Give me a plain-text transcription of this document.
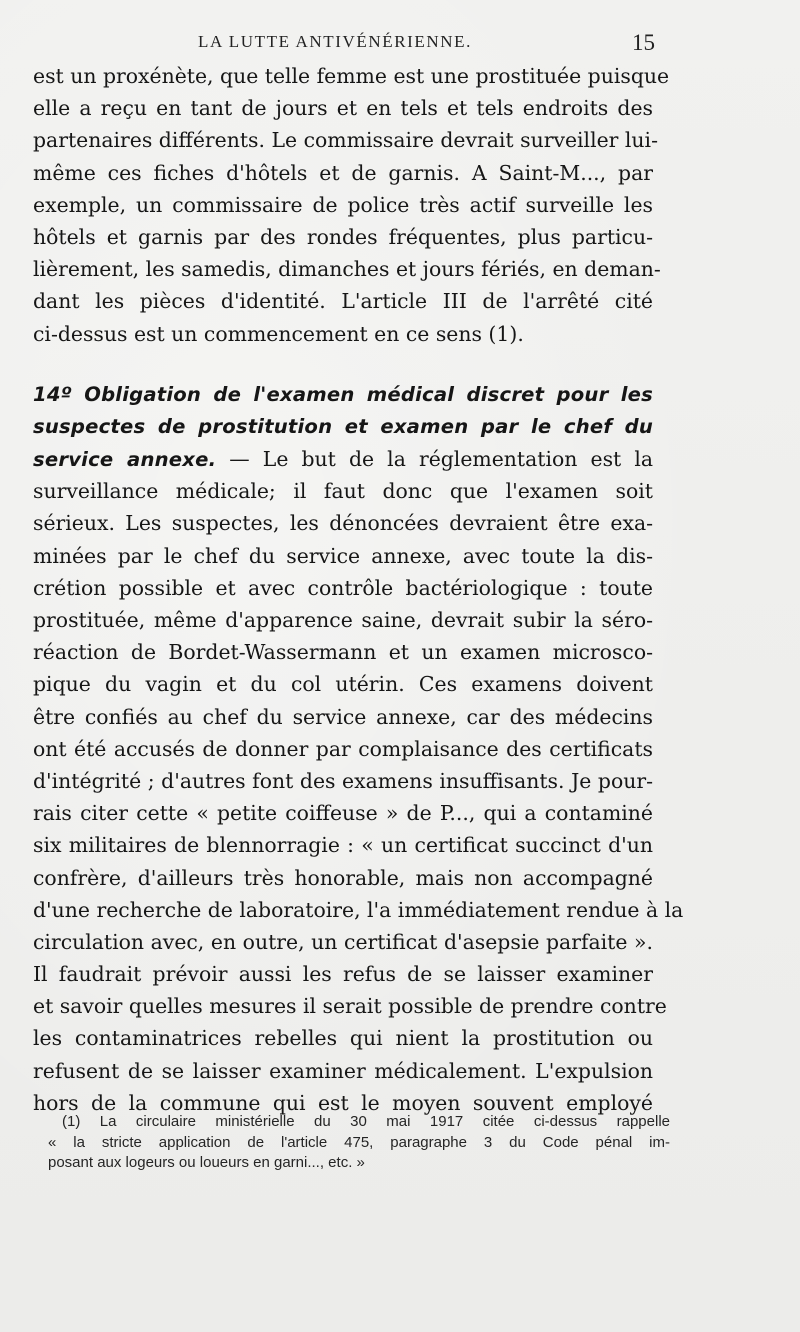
LA LUTTE ANTIVÉNÉRIENNE.	15
est un proxénète, que telle femme est une prostituée puisque
elle a reçu en tant de jours et en tels et tels endroits des
partenaires différents. Le commissaire devrait surveiller lui-
même ces fiches d'hôtels et de garnis. A Saint-M..., par
exemple, un commissaire de police très actif surveille les
hôtels et garnis par des rondes fréquentes, plus particu-
lièrement, les samedis, dimanches et jours fériés, en deman-
dant les pièces d'identité. L'article III de l'arrêté cité
ci-dessus est un commencement en ce sens (1).
14º Obligation de l'examen médical discret pour les
suspectes de prostitution et examen par le chef du
service annexe. — Le but de la réglementation est la
surveillance médicale; il faut donc que l'examen soit
sérieux. Les suspectes, les dénoncées devraient être exa-
minées par le chef du service annexe, avec toute la dis-
crétion possible et avec contrôle bactériologique : toute
prostituée, même d'apparence saine, devrait subir la séro-
réaction de Bordet-Wassermann et un examen microsco-
pique du vagin et du col utérin. Ces examens doivent
être confiés au chef du service annexe, car des médecins
ont été accusés de donner par complaisance des certificats
d'intégrité ; d'autres font des examens insuffisants. Je pour-
rais citer cette « petite coiffeuse » de P..., qui a contaminé
six militaires de blennorragie : « un certificat succinct d'un
confrère, d'ailleurs très honorable, mais non accompagné
d'une recherche de laboratoire, l'a immédiatement rendue à la
circulation avec, en outre, un certificat d'asepsie parfaite ».
Il faudrait prévoir aussi les refus de se laisser examiner
et savoir quelles mesures il serait possible de prendre contre
les contaminatrices rebelles qui nient la prostitution ou
refusent de se laisser examiner médicalement. L'expulsion
hors de la commune qui est le moyen souvent employé
(1) La circulaire ministérielle du 30 mai 1917 citée ci-dessus rappelle
« la stricte application de l'article 475, paragraphe 3 du Code pénal im-
posant aux logeurs ou loueurs en garni..., etc. »
